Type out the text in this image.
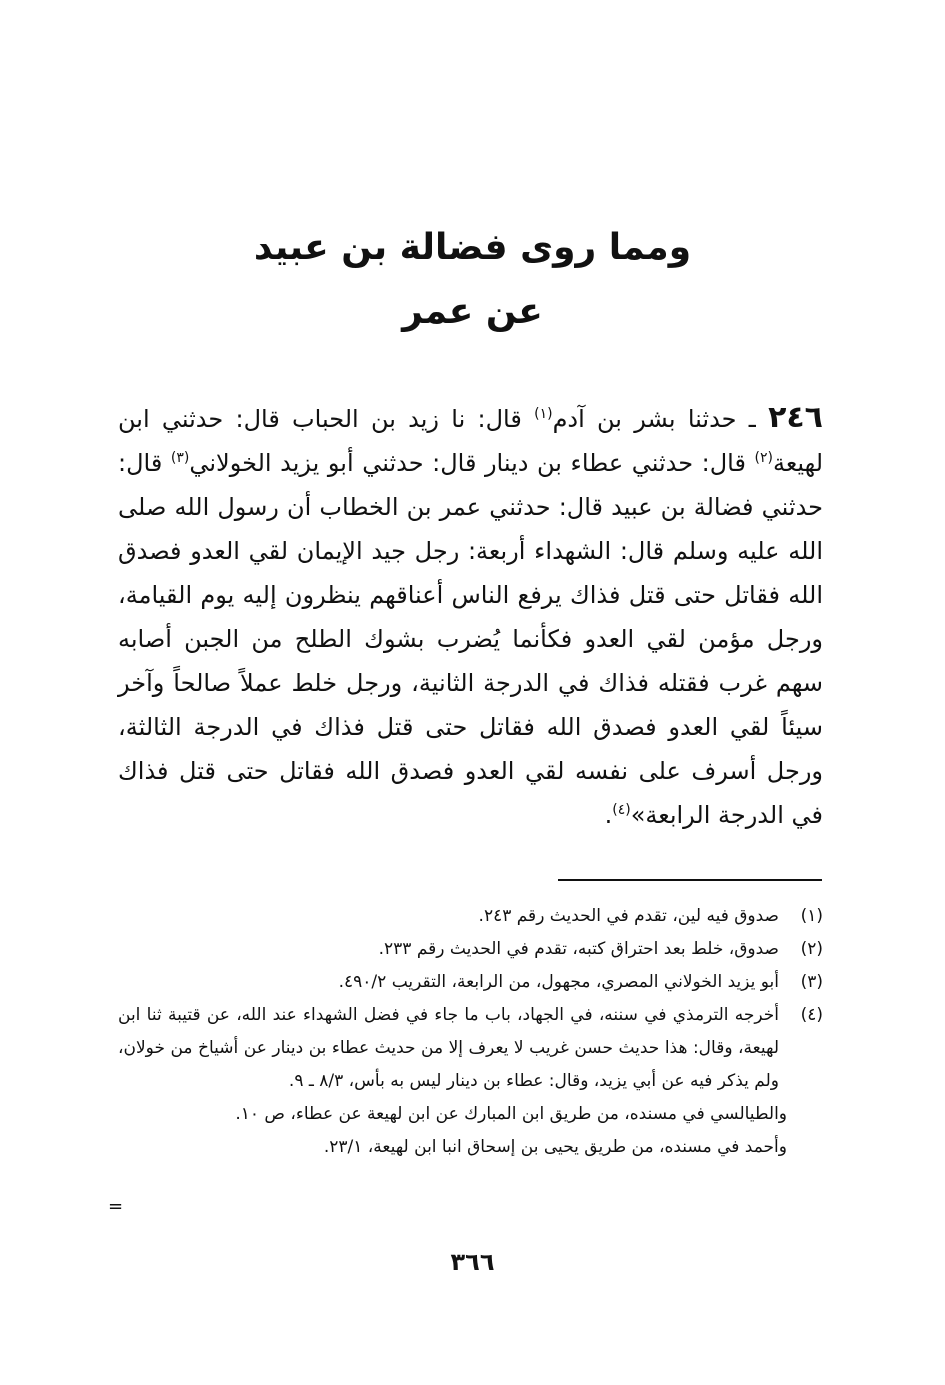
ومما روى فضالة بن عبيد
عن عمر
٢٤٦ ـ حدثنا بشر بن آدم$^{(١)}$ قال: نا زيد بن الحباب قال: حدثني ابن لهيعة$^{(٢)}$ قال: حدثني عطاء بن دينار قال: حدثني أبو يزيد الخولاني$^{(٣)}$ قال: حدثني فضالة بن عبيد قال: حدثني عمر بن الخطاب أن رسول الله صلى الله عليه وسلم قال: الشهداء أربعة: رجل جيد الإيمان لقي العدو فصدق الله فقاتل حتى قتل فذاك يرفع الناس أعناقهم ينظرون إليه يوم القيامة، ورجل مؤمن لقي العدو فكأنما يُضرب بشوك الطلح من الجبن أصابه سهم غرب فقتله فذاك في الدرجة الثانية، ورجل خلط عملاً صالحاً وآخر سيئاً لقي العدو فصدق الله فقاتل حتى قتل فذاك في الدرجة الثالثة، ورجل أسرف على نفسه لقي العدو فصدق الله فقاتل حتى قتل فذاك في الدرجة الرابعة»$^{(٤)}$.
(١)
صدوق فيه لين، تقدم في الحديث رقم ٢٤٣.
(٢)
صدوق، خلط بعد احتراق كتبه، تقدم في الحديث رقم ٢٣٣.
(٣)
أبو يزيد الخولاني المصري، مجهول، من الرابعة، التقريب ٤٩٠/٢.
(٤)
أخرجه الترمذي في سننه، في الجهاد، باب ما جاء في فضل الشهداء عند الله، عن قتيبة ثنا ابن لهيعة، وقال: هذا حديث حسن غريب لا يعرف إلا من حديث عطاء بن دينار عن أشياخ من خولان، ولم يذكر فيه عن أبي يزيد، وقال: عطاء بن دينار ليس به بأس، ٨/٣ ـ ٩.
والطيالسي في مسنده، من طريق ابن المبارك عن ابن لهيعة عن عطاء، ص ١٠.
وأحمد في مسنده، من طريق يحيى بن إسحاق انبا ابن لهيعة، ٢٣/١.
=
٣٦٦
